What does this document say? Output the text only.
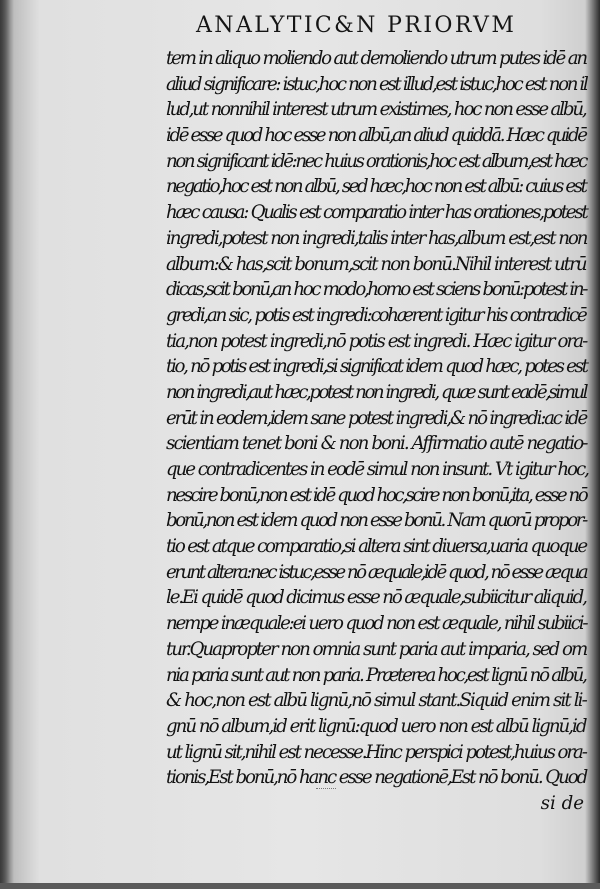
ANALYTIC&N PRIORVM
tem in aliquo moliendo aut demoliendo utrum putes idē an
aliud significare: istuc,hoc non est illud,est istuc,hoc est non il
lud,ut nonnihil interest utrum existimes, hoc non esse albū,
idē esse quod hoc esse non albū,an aliud quiddā. Hæc quidē
non significant idē:nec huius orationis,hoc est album,est hæc
negatio,hoc est non albū, sed hæc,hoc non est albū: cuius est
hæc causa: Qualis est comparatio inter has orationes,potest
ingredi,potest non ingredi,talis inter has,album est,est non
album:& has,scit bonum,scit non bonū.Nihil interest utrū
dicas,scit bonū,an hoc modo,homo est sciens bonū:potest in-
gredi,an sic, potis est ingredi:cohærent igitur his contradicē
tia,non potest ingredi,nō potis est ingredi. Hæc igitur ora-
tio, nō potis est ingredi,si significat idem quod hæc, potes est
non ingredi,aut hæc,potest non ingredi, quæ sunt eadē,simul
erūt in eodem,idem sane potest ingredi,& nō ingredi:ac idē
scientiam tenet boni & non boni. Affirmatio autē negatio-
que contradicentes in eodē simul non insunt. Vt igitur hoc,
nescire bonū,non est idē quod hoc,scire non bonū,ita, esse nō
bonū,non est idem quod non esse bonū. Nam quorū propor-
tio est atque comparatio,si altera sint diuersa,uaria quoque
erunt altera:nec istuc,esse nō æquale,idē quod, nō esse æqua
le.Ei quidē quod dicimus esse nō æquale,subiicitur aliquid,
nempe inæquale:ei uero quod non est æquale, nihil subiici-
tur.Quapropter non omnia sunt paria aut imparia, sed om
nia paria sunt aut non paria. Præterea hoc,est lignū nō albū,
& hoc,non est albū lignū,nō simul stant.Siquid enim sit li-
gnū nō album,id erit lignū:quod uero non est albū lignū,id
ut lignū sit,nihil est necesse.Hinc perspici potest,huius ora-
tionis,Est bonū,nō hanc esse negationē,Est nō bonū. Quod
si de
